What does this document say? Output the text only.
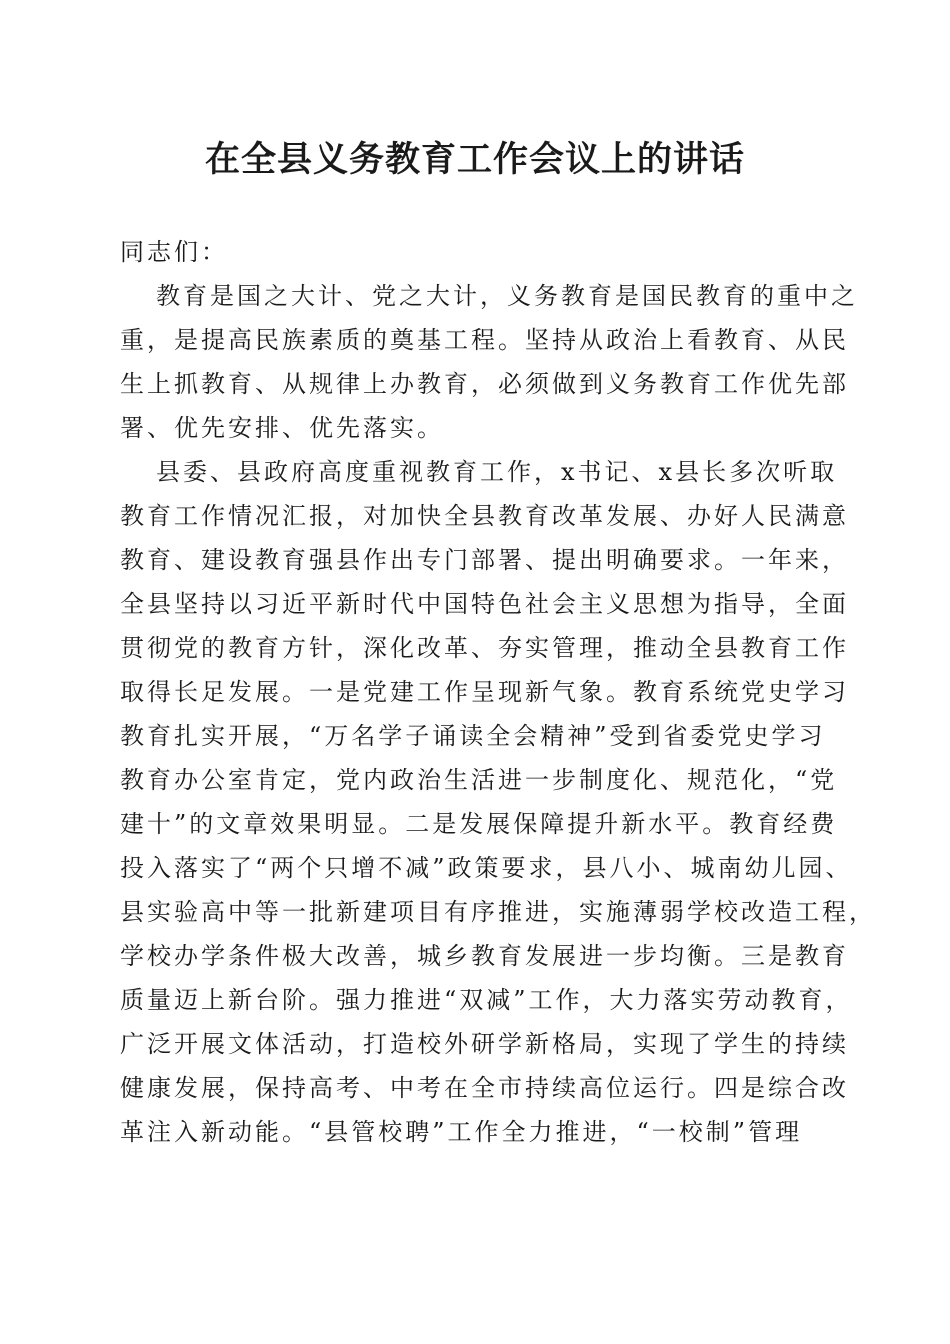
在全县义务教育工作会议上的讲话
同志们：
教育是国之大计、党之大计，义务教育是国民教育的重中之
重，是提高民族素质的奠基工程。坚持从政治上看教育、从民
生上抓教育、从规律上办教育，必须做到义务教育工作优先部
署、优先安排、优先落实。
县委、县政府高度重视教育工作，x书记、x县长多次听取
教育工作情况汇报，对加快全县教育改革发展、办好人民满意
教育、建设教育强县作出专门部署、提出明确要求。一年来，
全县坚持以习近平新时代中国特色社会主义思想为指导，全面
贯彻党的教育方针，深化改革、夯实管理，推动全县教育工作
取得长足发展。一是党建工作呈现新气象。教育系统党史学习
教育扎实开展，“万名学子诵读全会精神”受到省委党史学习
教育办公室肯定，党内政治生活进一步制度化、规范化，“党
建十”的文章效果明显。二是发展保障提升新水平。教育经费
投入落实了“两个只增不减”政策要求，县八小、城南幼儿园、
县实验高中等一批新建项目有序推进，实施薄弱学校改造工程，
学校办学条件极大改善，城乡教育发展进一步均衡。三是教育
质量迈上新台阶。强力推进“双减”工作，大力落实劳动教育，
广泛开展文体活动，打造校外研学新格局，实现了学生的持续
健康发展，保持高考、中考在全市持续高位运行。四是综合改
革注入新动能。“县管校聘”工作全力推进，“一校制”管理
